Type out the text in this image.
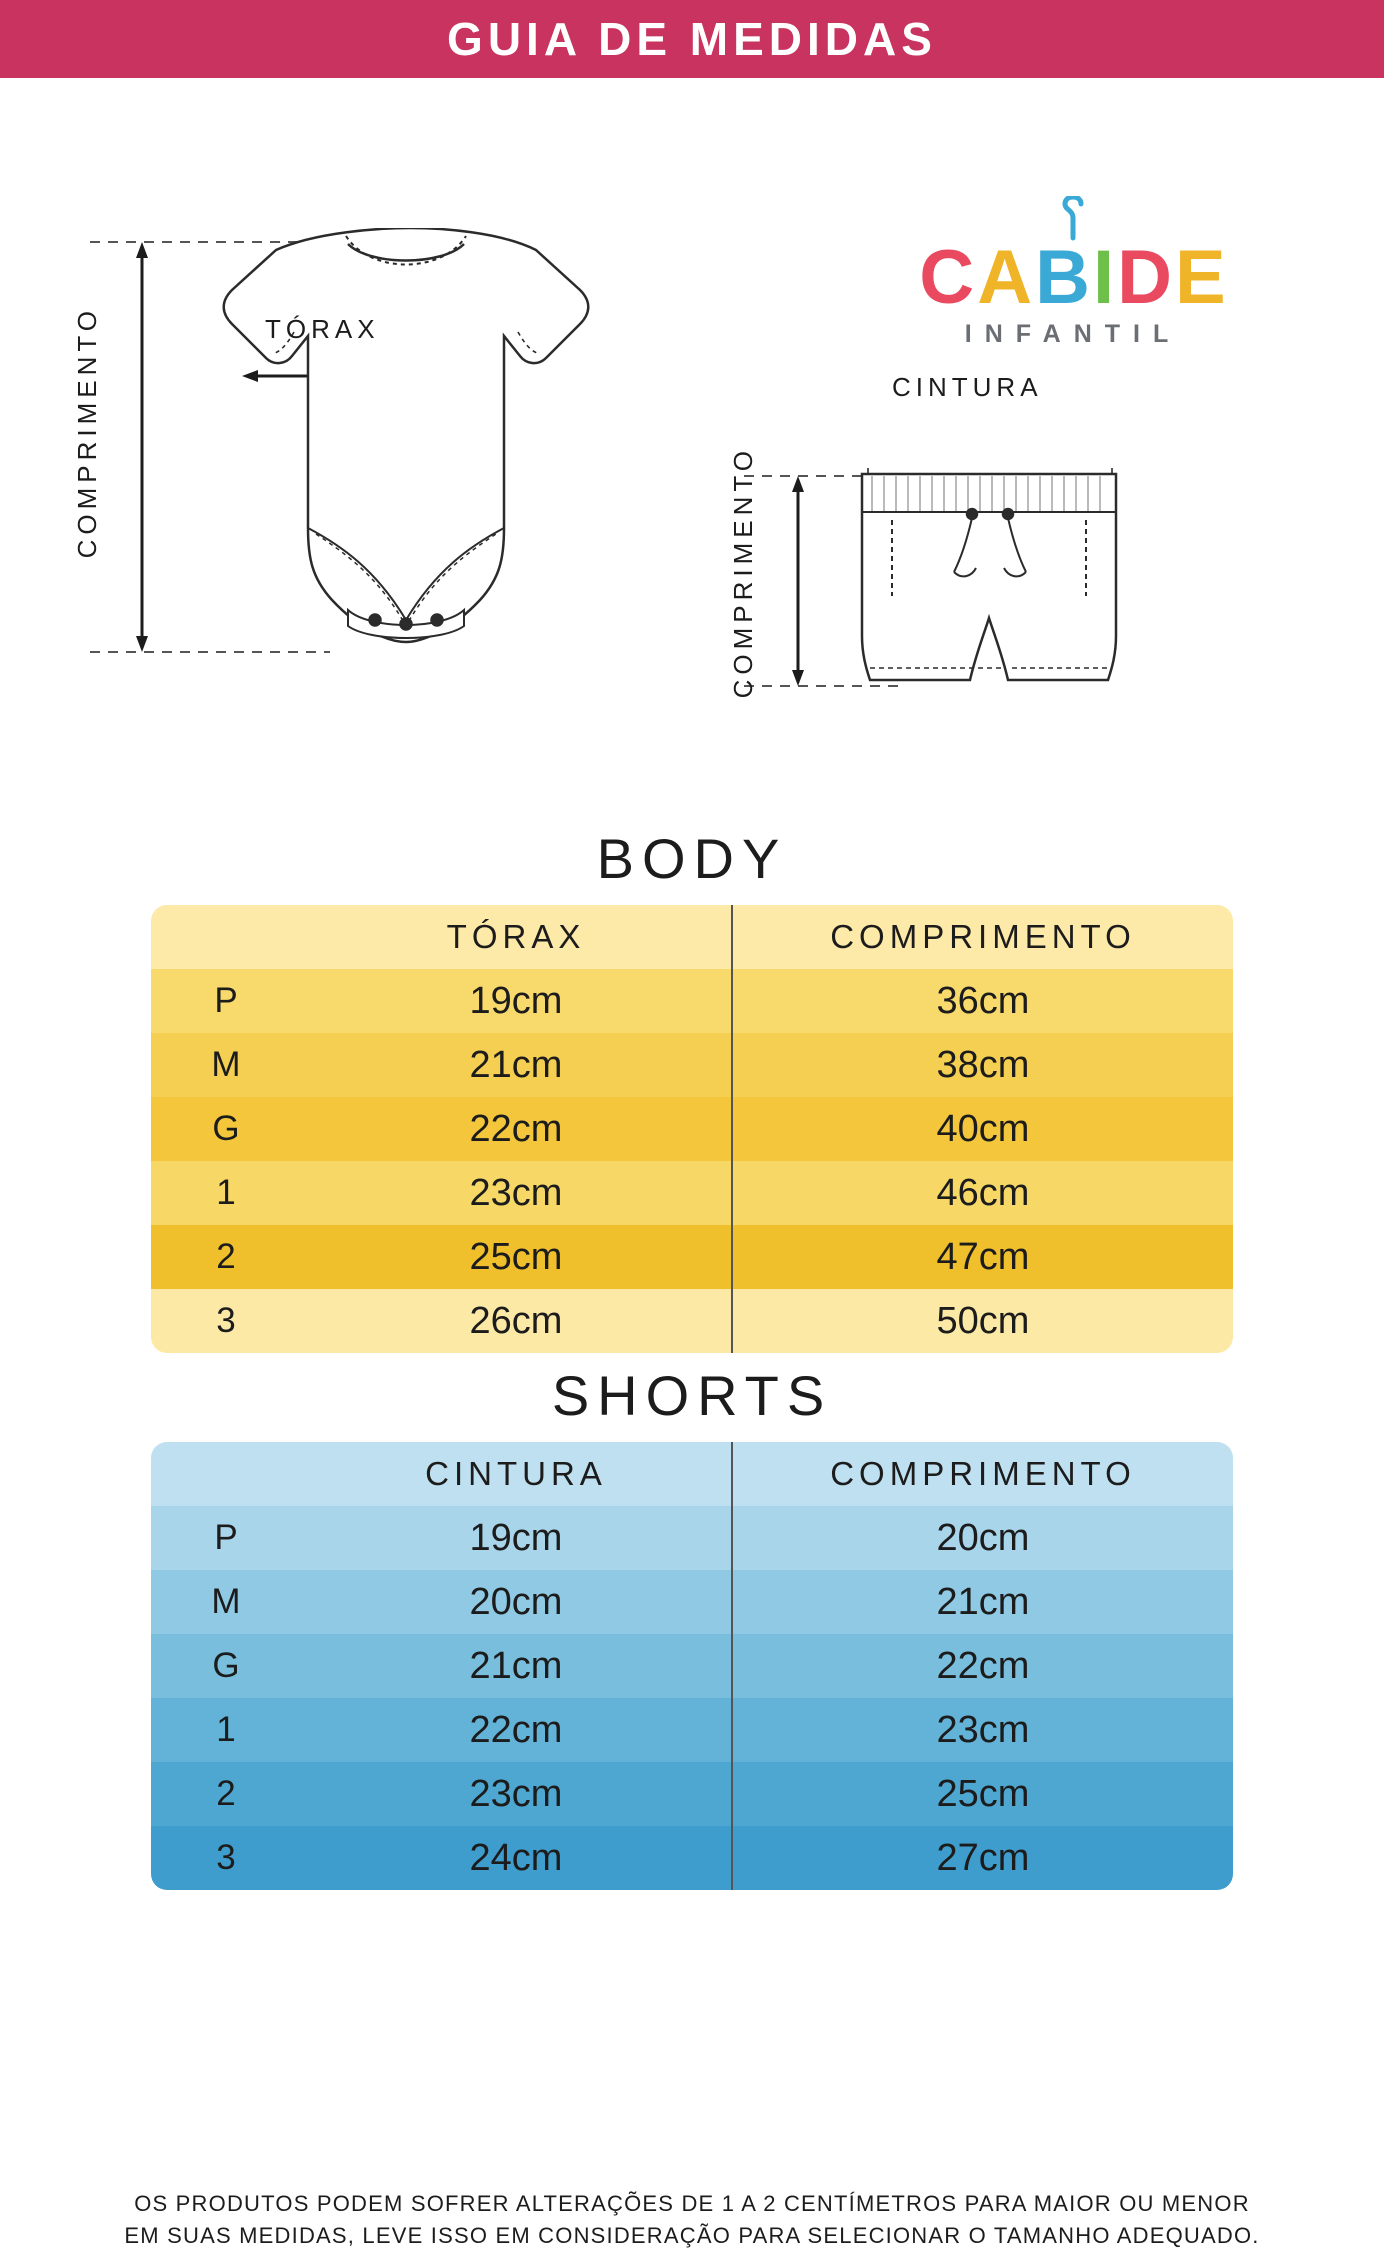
GUIA DE MEDIDAS
C A B I D E
INFANTIL
COMPRIMENTO	TÓRAX
COMPRIMENTO
CINTURA
BODY
	TÓRAX	COMPRIMENTO
P	19cm	36cm
M	21cm	38cm
G	22cm	40cm
1	23cm	46cm
2	25cm	47cm
3	26cm	50cm
SHORTS
	CINTURA	COMPRIMENTO
P	19cm	20cm
M	20cm	21cm
G	21cm	22cm
1	22cm	23cm
2	23cm	25cm
3	24cm	27cm
OS PRODUTOS PODEM SOFRER ALTERAÇÕES DE 1 A 2 CENTÍMETROS PARA MAIOR OU MENOR
EM SUAS MEDIDAS, LEVE ISSO EM CONSIDERAÇÃO PARA SELECIONAR O TAMANHO ADEQUADO.
